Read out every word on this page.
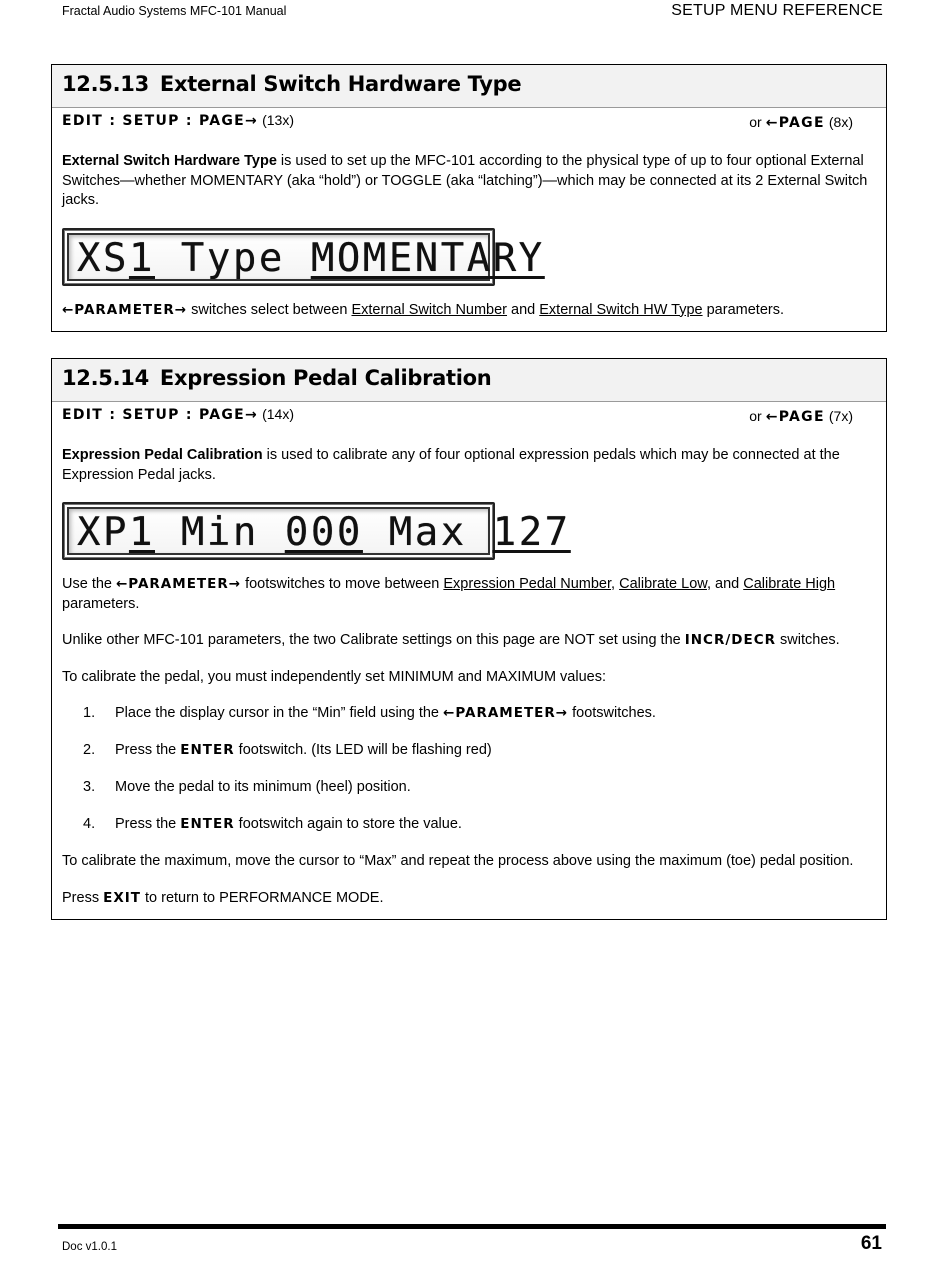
Fractal Audio Systems MFC-101 Manual	SETUP MENU REFERENCE
12.5.13 External Switch Hardware Type
EDIT : SETUP : PAGE→ (13x)	or ←PAGE (8x)
External Switch Hardware Type is used to set up the MFC-101 according to the physical type of up to four optional External Switches—whether MOMENTARY (aka “hold”) or TOGGLE (aka “latching”)—which may be connected at its 2 External Switch jacks.
XS1 Type MOMENTARY
←PARAMETER→ switches select between External Switch Number and External Switch HW Type parameters.
12.5.14 Expression Pedal Calibration
EDIT : SETUP : PAGE→ (14x)	or ←PAGE (7x)
Expression Pedal Calibration is used to calibrate any of four optional expression pedals which may be connected at the Expression Pedal jacks.
XP1 Min 000 Max 127
Use the ←PARAMETER→ footswitches to move between Expression Pedal Number, Calibrate Low, and Calibrate High parameters.
Unlike other MFC-101 parameters, the two Calibrate settings on this page are NOT set using the INCR/DECR switches.
To calibrate the pedal, you must independently set MINIMUM and MAXIMUM values:
1. Place the display cursor in the “Min” field using the ←PARAMETER→ footswitches.
2. Press the ENTER footswitch. (Its LED will be flashing red)
3. Move the pedal to its minimum (heel) position.
4. Press the ENTER footswitch again to store the value.
To calibrate the maximum, move the cursor to “Max” and repeat the process above using the maximum (toe) pedal position.
Press EXIT to return to PERFORMANCE MODE.
Doc v1.0.1	61
